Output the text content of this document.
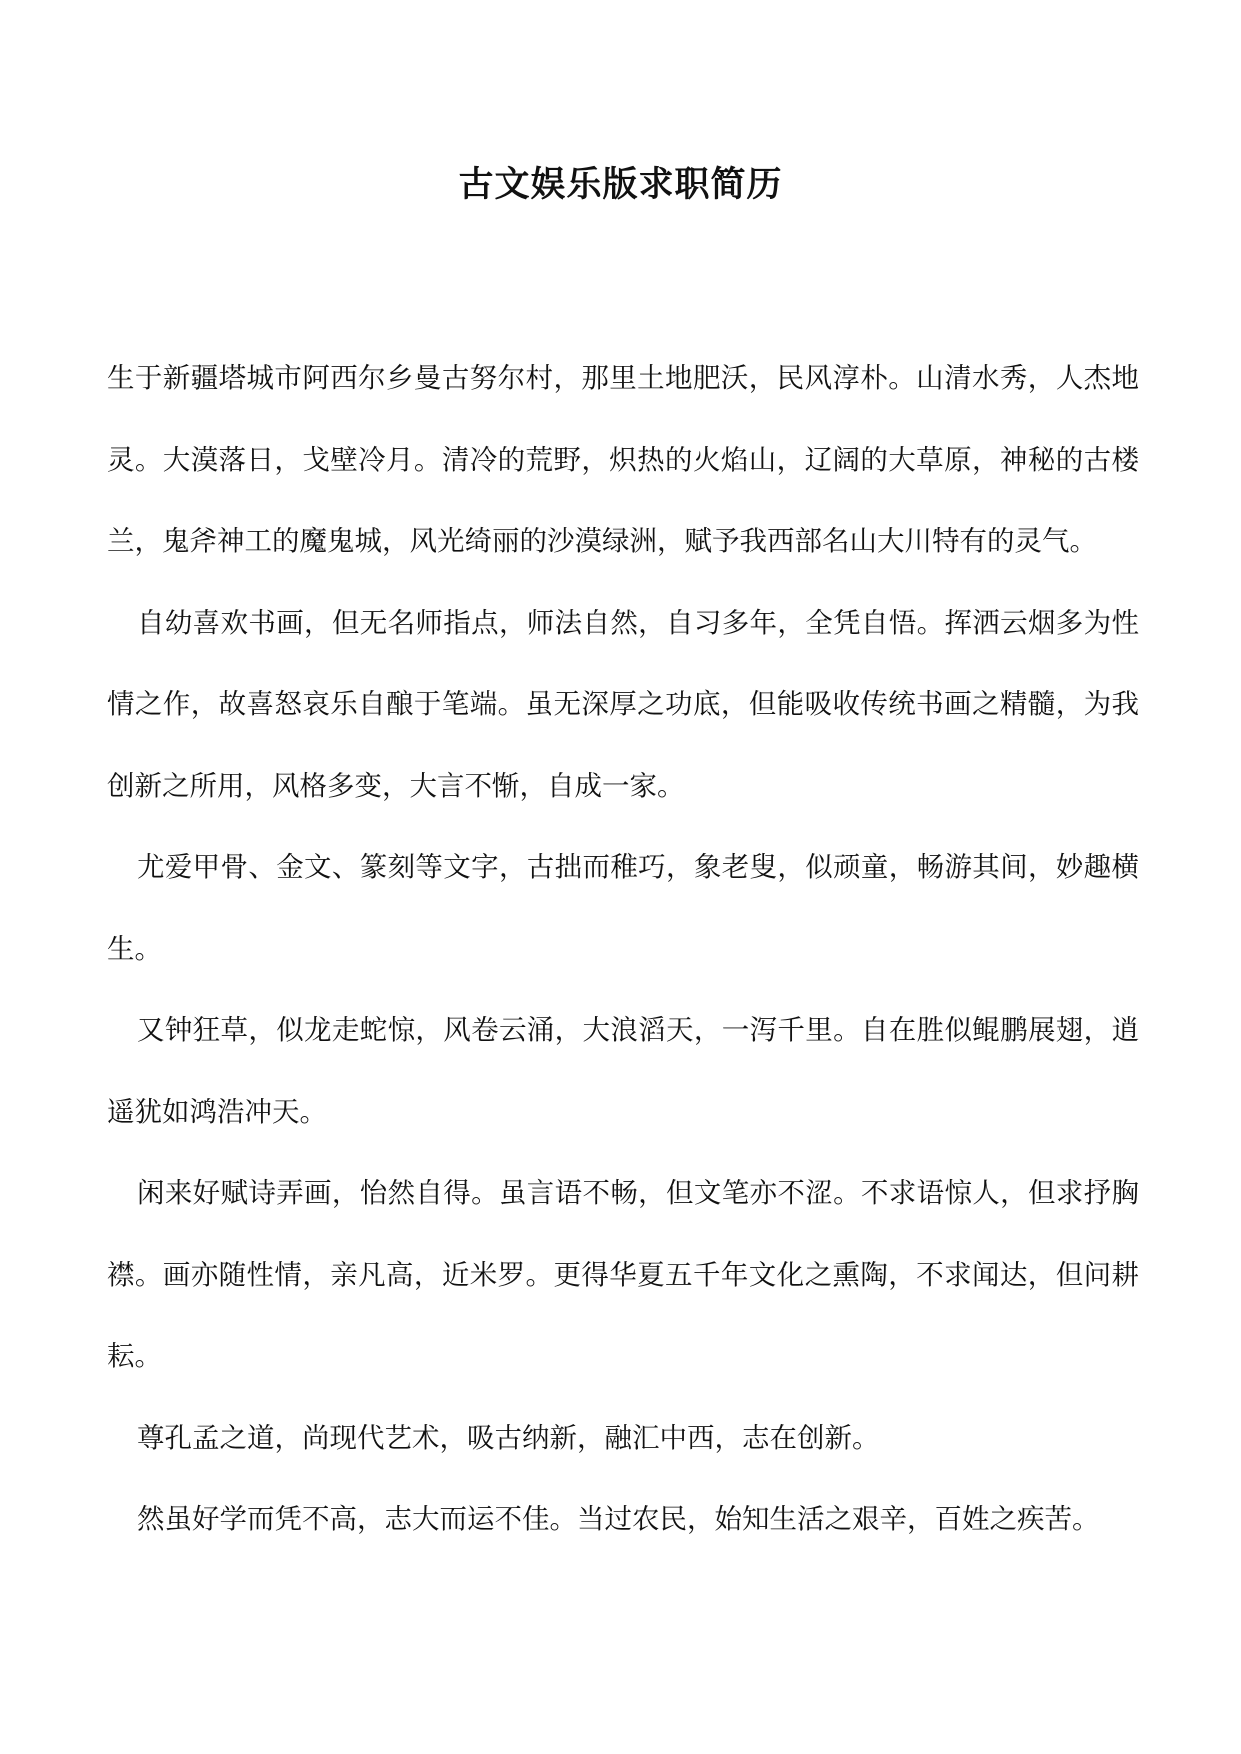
古文娱乐版求职简历

生于新疆塔城市阿西尔乡曼古努尔村，那里土地肥沃，民风淳朴。山清水秀，人杰地灵。大漠落日，戈壁冷月。清冷的荒野，炽热的火焰山，辽阔的大草原，神秘的古楼兰，鬼斧神工的魔鬼城，风光绮丽的沙漠绿洲，赋予我西部名山大川特有的灵气。

自幼喜欢书画，但无名师指点，师法自然，自习多年，全凭自悟。挥洒云烟多为性情之作，故喜怒哀乐自酿于笔端。虽无深厚之功底，但能吸收传统书画之精髓，为我创新之所用，风格多变，大言不惭，自成一家。

尤爱甲骨、金文、篆刻等文字，古拙而稚巧，象老叟，似顽童，畅游其间，妙趣横生。

又钟狂草，似龙走蛇惊，风卷云涌，大浪滔天，一泻千里。自在胜似鲲鹏展翅，逍遥犹如鸿浩冲天。

闲来好赋诗弄画，怡然自得。虽言语不畅，但文笔亦不涩。不求语惊人，但求抒胸襟。画亦随性情，亲凡高，近米罗。更得华夏五千年文化之熏陶，不求闻达，但问耕耘。

尊孔孟之道，尚现代艺术，吸古纳新，融汇中西，志在创新。

然虽好学而凭不高，志大而运不佳。当过农民，始知生活之艰辛，百姓之疾苦。
